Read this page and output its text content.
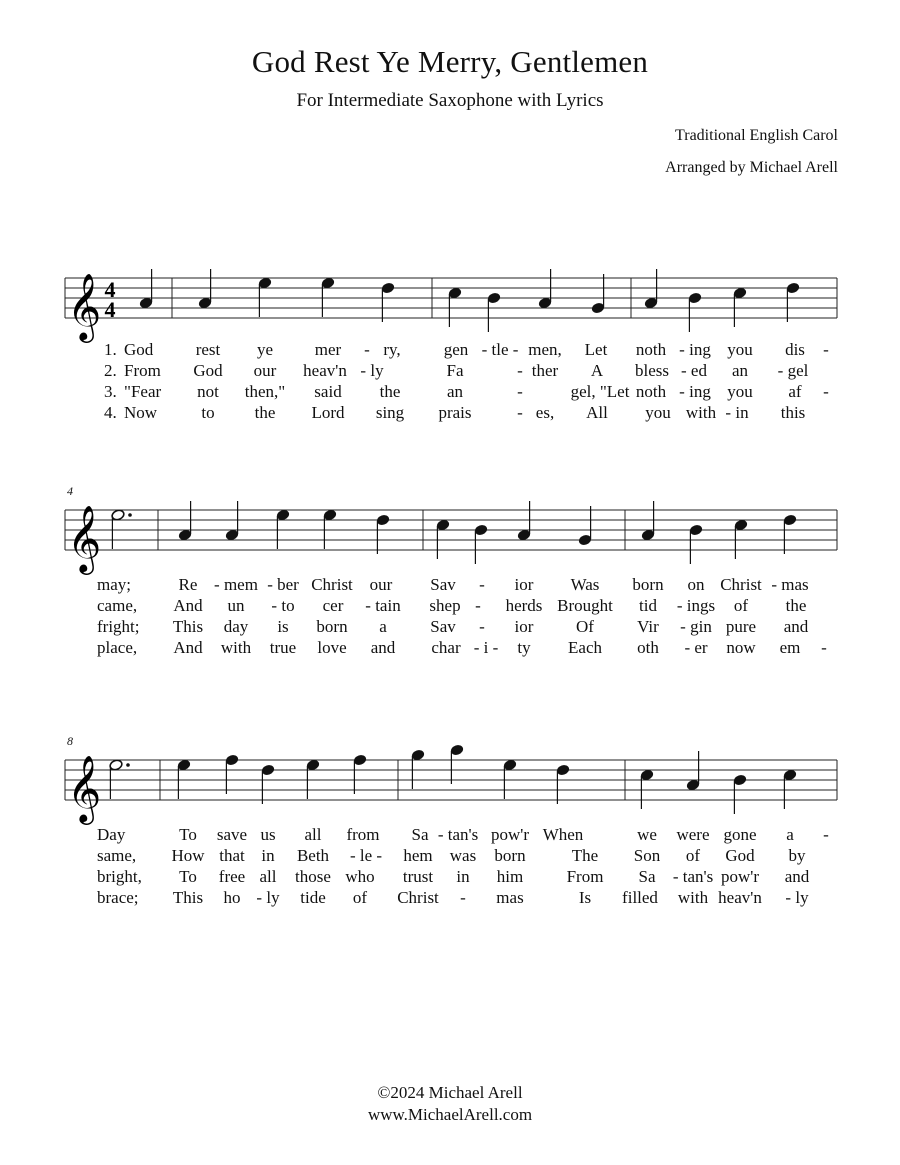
God Rest Ye Merry, Gentlemen
For Intermediate Saxophone with Lyrics
Traditional English Carol
Arranged by Michael Arell
𝄞 4
4
1. God rest ye mer - ry,	gen - tle - men, Let noth - ing you dis -
2. From God our heav'n - ly	Fa	- ther A bless - ed an - gel
3. "Fear not then," said the	an	-	gel, "Let noth - ing you af -
4. Now	to the Lord sing prais	- es, All you with - in this
𝄞
4
may;	Re - mem - ber Christ our Sav - ior Was born on Christ - mas
came, And un - to cer - tain shep - herds Brought tid - ings of the
fright; This day is born a	Sav - ior	Of	Vir - gin pure and
place, And with true love and char - i - ty Each oth - er now em -
𝄞
8
Day	To save us all from Sa - tan's pow'r When	we were gone a -
same, How that in Beth - le - hem was born	The Son of God by
bright, To free all those who trust in him	From Sa - tan's pow'r and
brace; This ho - ly tide of Christ - mas	Is filled with heav'n - ly
©2024 Michael Arell
www.MichaelArell.com
